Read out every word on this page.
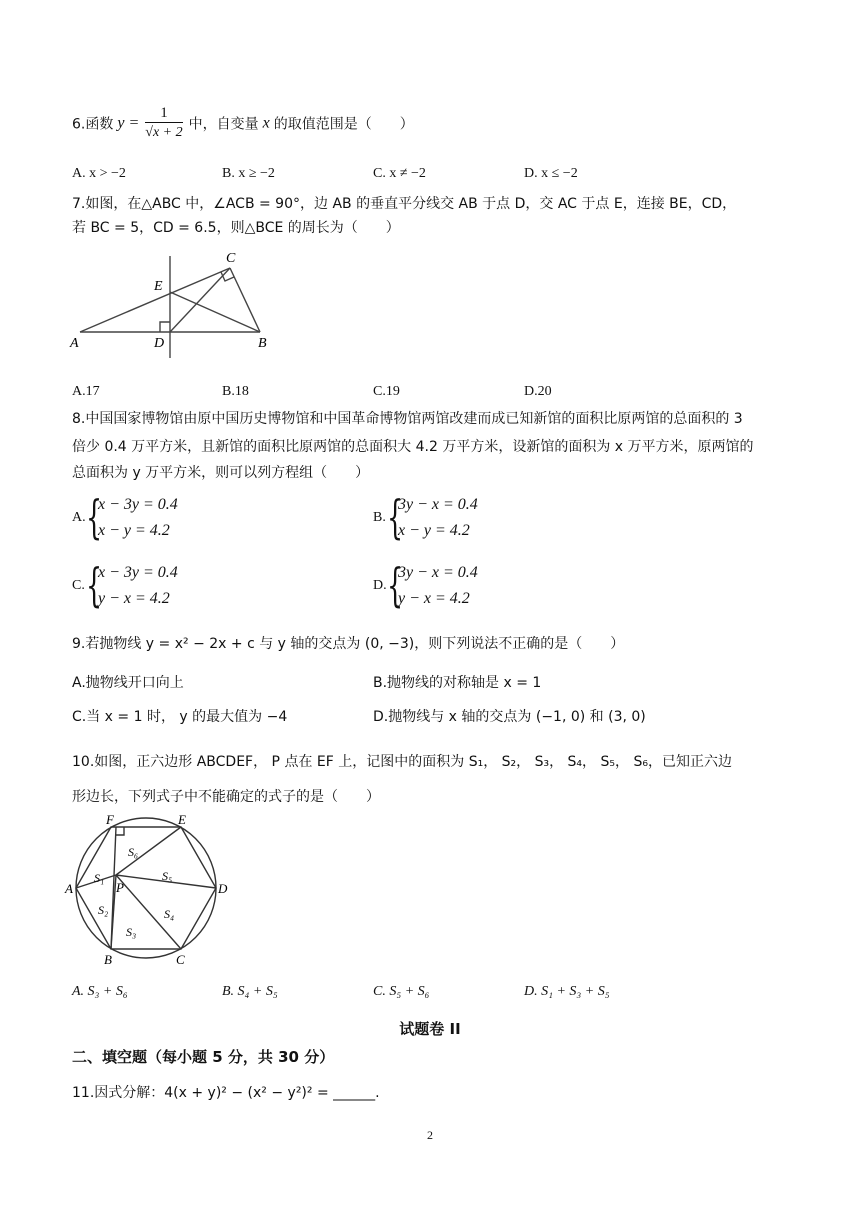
6.函数 $y = \frac{1}{√x + 2}$ 中，自变量 x 的取值范围是（　　）
A. x > −2	B. x ≥ −2	C. x ≠ −2	D. x ≤ −2
7.如图，在△ABC 中，∠ACB = 90°，边 AB 的垂直平分线交 AB 于点 D，交 AC 于点 E，连接 BE，CD，
若 BC = 5，CD = 6.5，则△BCE 的周长为（　　）
A	D	B
E
C
A.17	B.18	C.19	D.20
8.中国国家博物馆由原中国历史博物馆和中国革命博物馆两馆改建而成已知新馆的面积比原两馆的总面积的 3
倍少 0.4 万平方米，且新馆的面积比原两馆的总面积大 4.2 万平方米，设新馆的面积为 x 万平方米，原两馆的
总面积为 y 万平方米，则可以列方程组（　　）
A. {
x − 3y = 0.4
x − y = 4.2
B. {
3y − x = 0.4
x − y = 4.2
C. {
x − 3y = 0.4
y − x = 4.2
D. {
3y − x = 0.4
y − x = 4.2
9.若抛物线 y = x² − 2x + c 与 y 轴的交点为 (0, −3)，则下列说法不正确的是（　　）
A.抛物线开口向上	B.抛物线的对称轴是 x = 1
C.当 x = 1 时， y 的最大值为 −4	D.抛物线与 x 轴的交点为 (−1, 0) 和 (3, 0)
10.如图，正六边形 ABCDEF， P 点在 EF 上，记图中的面积为 S₁， S₂， S₃， S₄， S₅， S₆，已知正六边
形边长，下列式子中不能确定的式子的是（　　）
F	E
A	D
B	C
P
S₆
S₅
S₁
S₂	S₄
S₃
A. S₃ + S₆	B. S₄ + S₅	C. S₅ + S₆	D. S₁ + S₃ + S₅
试题卷 II
二、填空题（每小题 5 分，共 30 分）
11.因式分解：4(x + y)² − (x² − y²)² = ______.
2
